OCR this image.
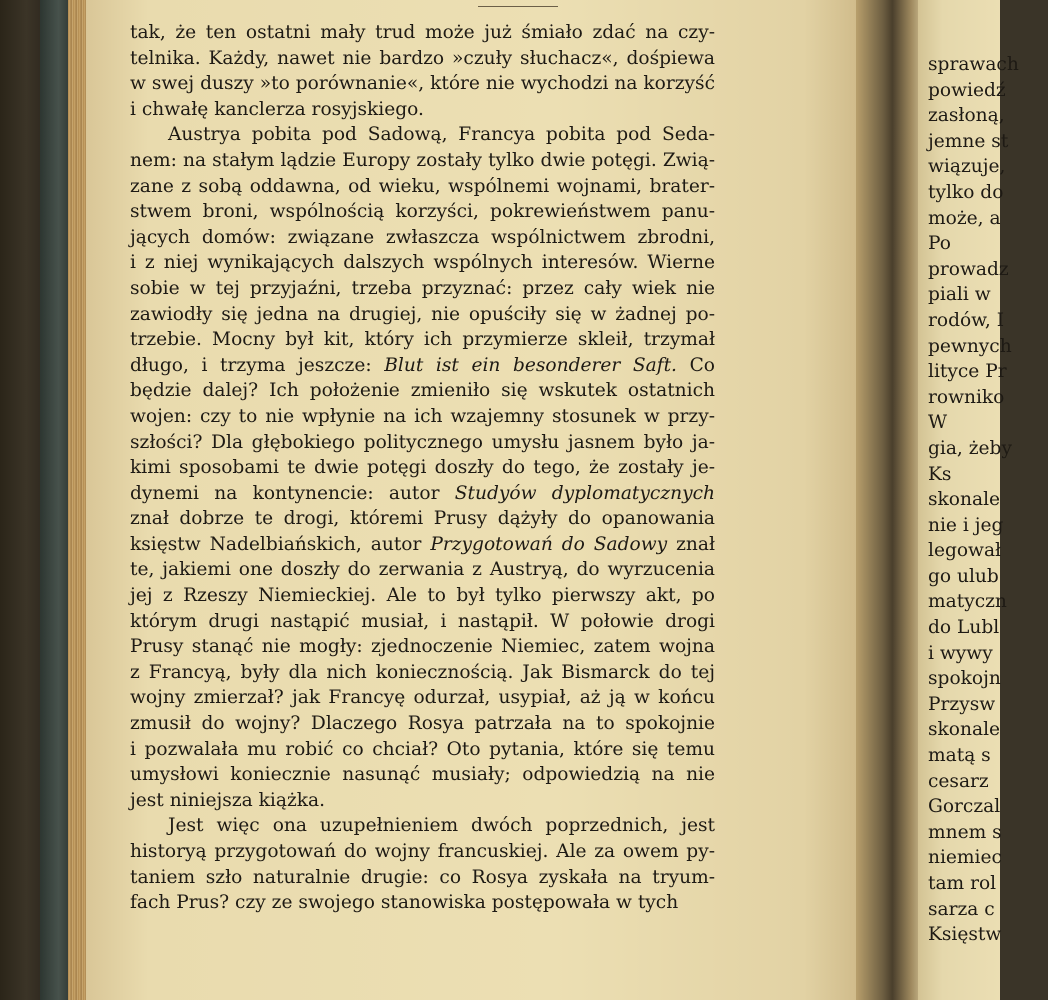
tak, że ten ostatni mały trud może już śmiało zdać na czy-
telnika. Każdy, nawet nie bardzo »czuły słuchacz«, dośpiewa
w swej duszy »to porównanie«, które nie wychodzi na korzyść
i chwałę kanclerza rosyjskiego.
Austrya pobita pod Sadową, Francya pobita pod Seda-
nem: na stałym lądzie Europy zostały tylko dwie potęgi. Zwią-
zane z sobą oddawna, od wieku, wspólnemi wojnami, brater-
stwem broni, wspólnością korzyści, pokrewieństwem panu-
jących domów: związane zwłaszcza wspólnictwem zbrodni,
i z niej wynikających dalszych wspólnych interesów. Wierne
sobie w tej przyjaźni, trzeba przyznać: przez cały wiek nie
zawiodły się jedna na drugiej, nie opuściły się w żadnej po-
trzebie. Mocny był kit, który ich przymierze skleił, trzymał
długo, i trzyma jeszcze: Blut ist ein besonderer Saft. Co
będzie dalej? Ich położenie zmieniło się wskutek ostatnich
wojen: czy to nie wpłynie na ich wzajemny stosunek w przy-
szłości? Dla głębokiego politycznego umysłu jasnem było ja-
kimi sposobami te dwie potęgi doszły do tego, że zostały je-
dynemi na kontynencie: autor Studyów dyplomatycznych
znał dobrze te drogi, któremi Prusy dążyły do opanowania
księstw Nadelbiańskich, autor Przygotowań do Sadowy znał
te, jakiemi one doszły do zerwania z Austryą, do wyrzucenia
jej z Rzeszy Niemieckiej. Ale to był tylko pierwszy akt, po
którym drugi nastąpić musiał, i nastąpił. W połowie drogi
Prusy stanąć nie mogły: zjednoczenie Niemiec, zatem wojna
z Francyą, były dla nich koniecznością. Jak Bismarck do tej
wojny zmierzał? jak Francyę odurzał, usypiał, aż ją w końcu
zmusił do wojny? Dlaczego Rosya patrzała na to spokojnie
i pozwalała mu robić co chciał? Oto pytania, które się temu
umysłowi koniecznie nasunąć musiały; odpowiedzią na nie
jest niniejsza kiążka.
Jest więc ona uzupełnieniem dwóch poprzednich, jest
historyą przygotowań do wojny francuskiej. Ale za owem py-
taniem szło naturalnie drugie: co Rosya zyskała na tryum-
fach Prus? czy ze swojego stanowiska postępowała w tych
sprawach
powiedź
zasłoną,
jemne st
wiązuje,
tylko do
może, a
Po
prowadz
piali w
rodów, I
pewnych
lityce Pr
rowniko
W
gia, żeby
Ks
skonale
nie i jeg
legował
go ulub
matyczn
do Lubl
i wywy
spokojn
Przysw
skonale
matą s
cesarz
Gorczal
mnem s
niemiec
tam rol
sarza c
Księstw
